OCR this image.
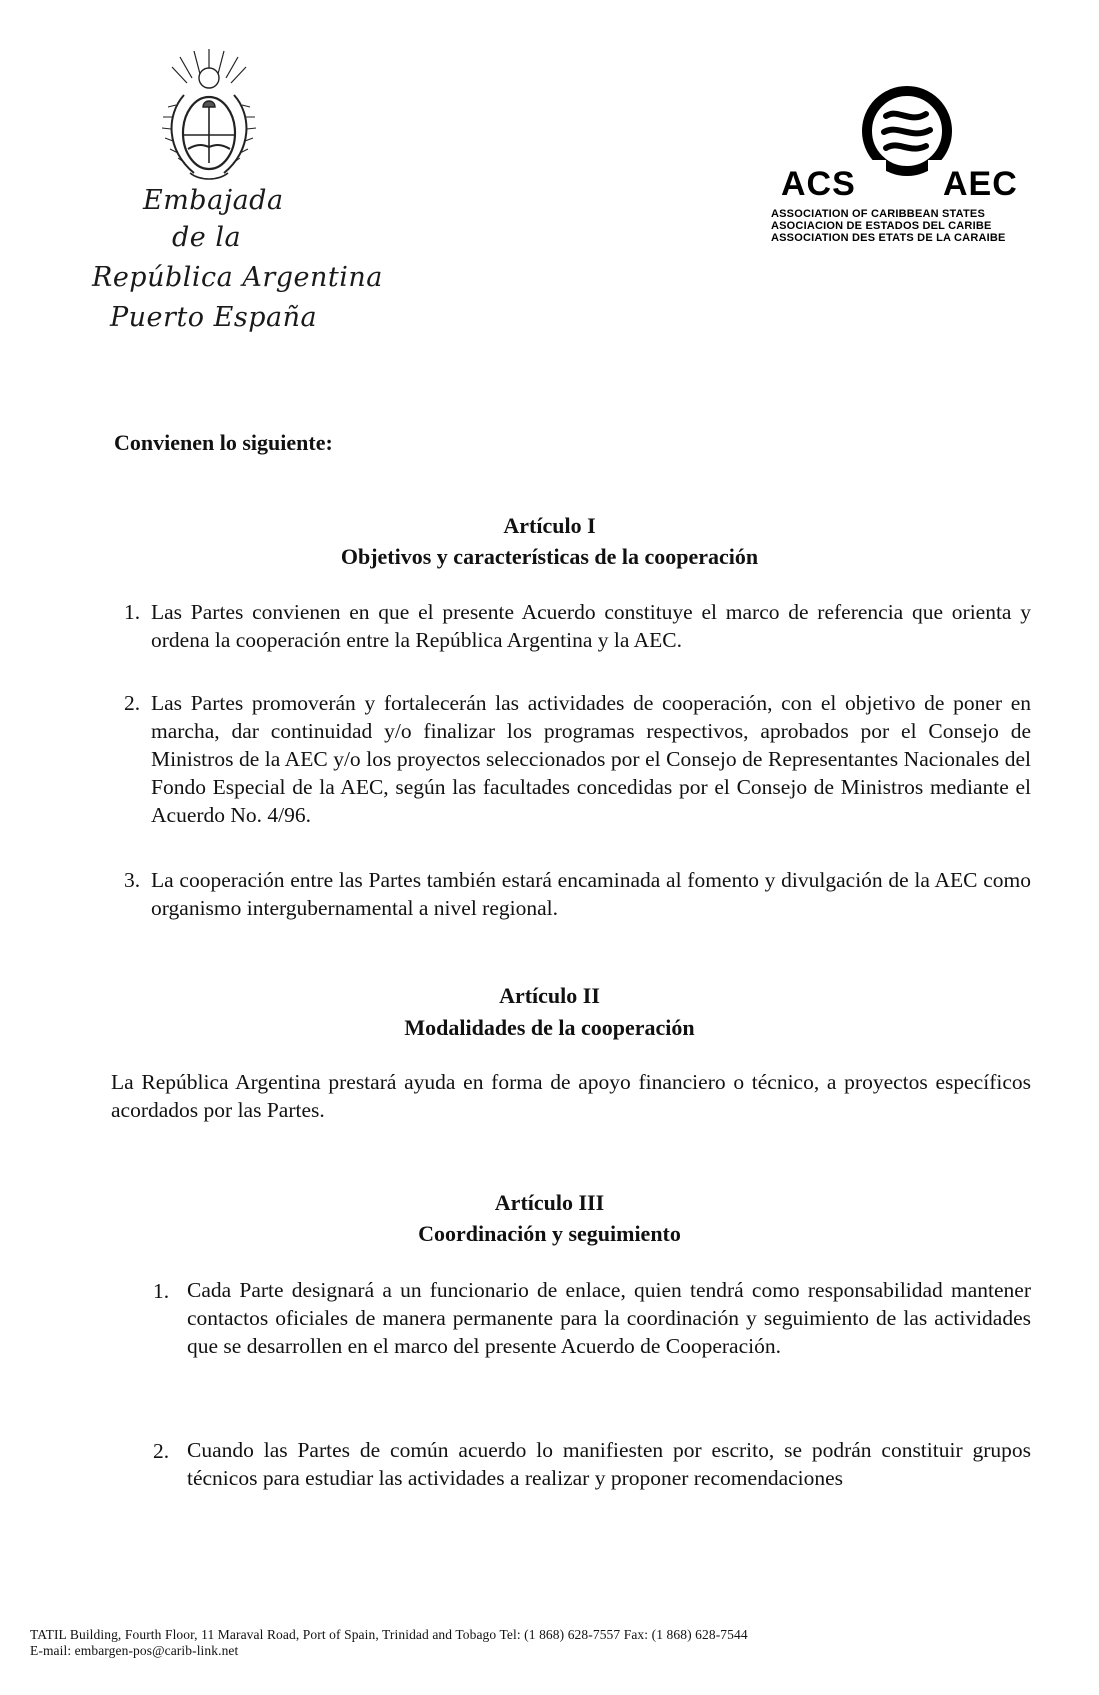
Embajada
de la
República Argentina
Puerto España
ACS	AEC
ASSOCIATION OF CARIBBEAN STATES
ASOCIACION DE ESTADOS DEL CARIBE
ASSOCIATION DES ETATS DE LA CARAIBE
Convienen lo siguiente:
Artículo I
Objetivos y características de la cooperación
1. Las Partes convienen en que el presente Acuerdo constituye el marco de referencia que orienta y ordena la cooperación entre la República Argentina y la AEC.
2. Las Partes promoverán y fortalecerán las actividades de cooperación, con el objetivo de poner en marcha, dar continuidad y/o finalizar los programas respectivos, aprobados por el Consejo de Ministros de la AEC y/o los proyectos seleccionados por el Consejo de Representantes Nacionales del Fondo Especial de la AEC, según las facultades concedidas por el Consejo de Ministros mediante el Acuerdo No. 4/96.
3. La cooperación entre las Partes también estará encaminada al fomento y divulgación de la AEC como organismo intergubernamental a nivel regional.
Artículo II
Modalidades de la cooperación
La República Argentina prestará ayuda en forma de apoyo financiero o técnico, a proyectos específicos acordados por las Partes.
Artículo III
Coordinación y seguimiento
1. Cada Parte designará a un funcionario de enlace, quien tendrá como responsabilidad mantener contactos oficiales de manera permanente para la coordinación y seguimiento de las actividades que se desarrollen en el marco del presente Acuerdo de Cooperación.
2. Cuando las Partes de común acuerdo lo manifiesten por escrito, se podrán constituir grupos técnicos para estudiar las actividades a realizar y proponer recomendaciones
TATIL Building, Fourth Floor, 11 Maraval Road, Port of Spain, Trinidad and Tobago Tel: (1 868) 628-7557 Fax: (1 868) 628-7544
E-mail: embargen-pos@carib-link.net
